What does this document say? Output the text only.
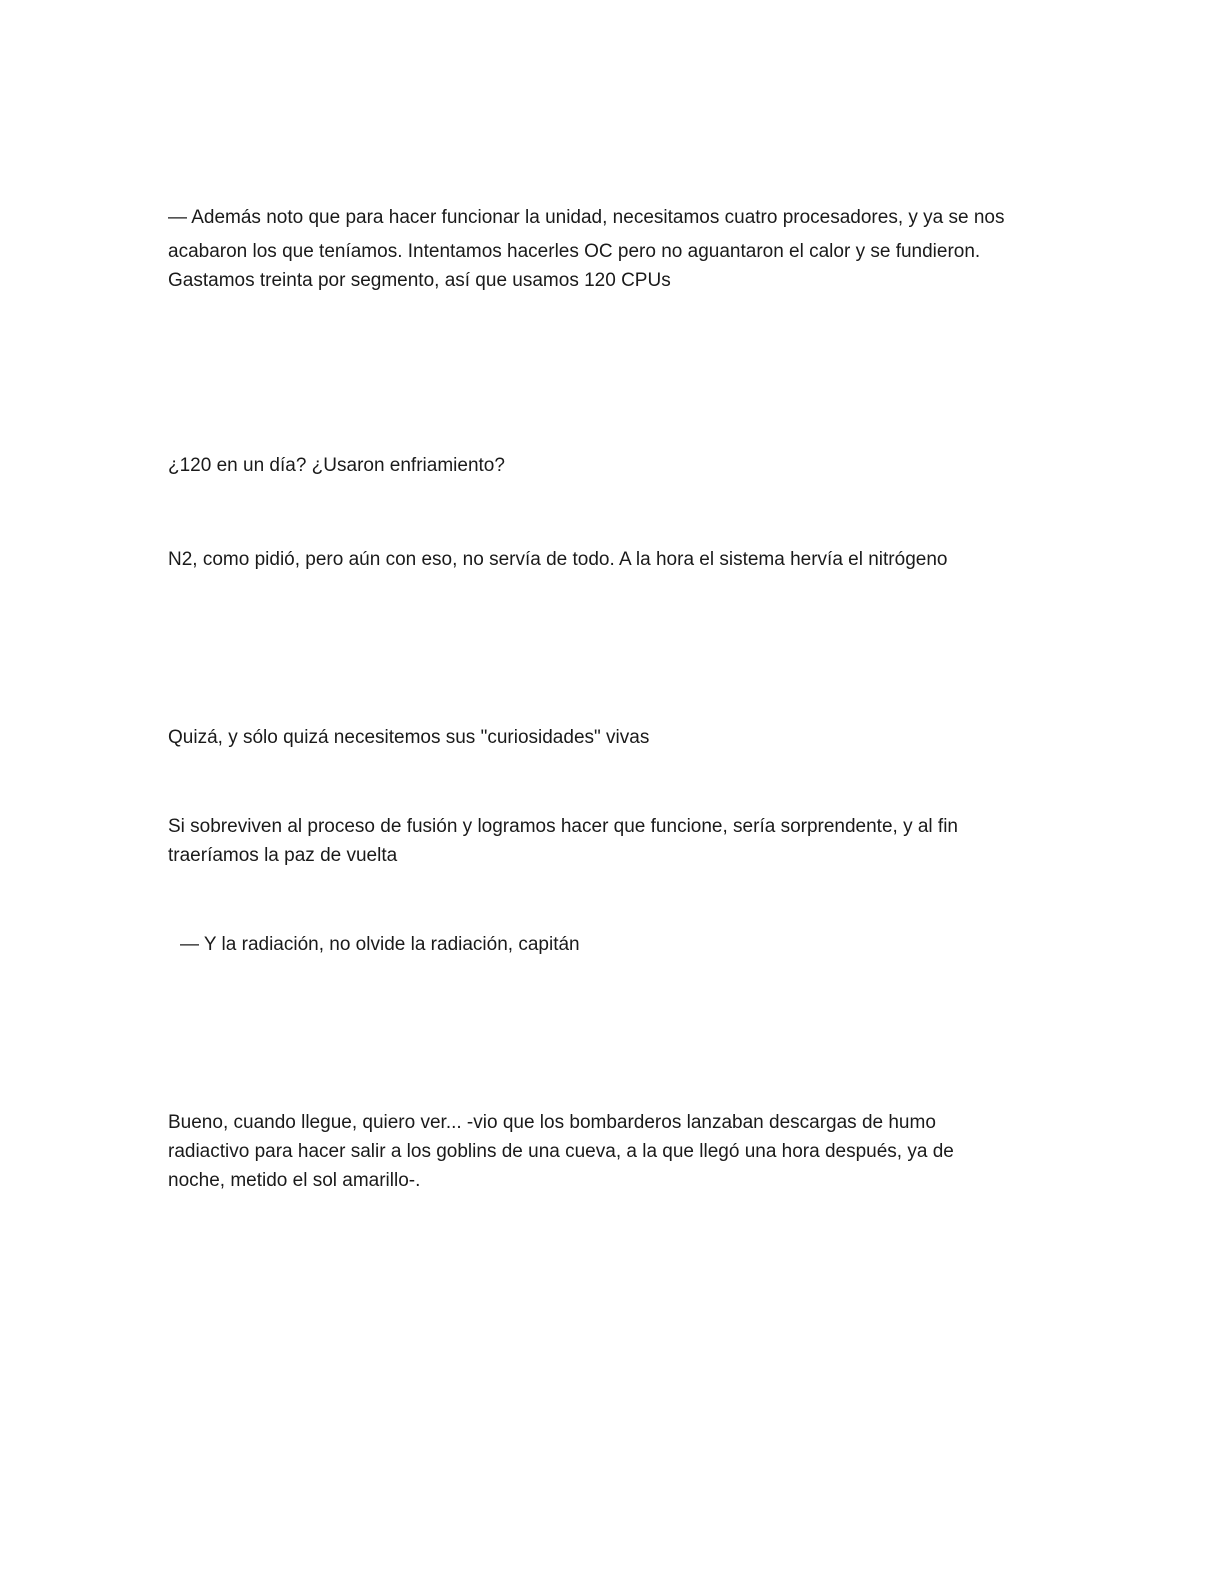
— Además noto que para hacer funcionar la unidad, necesitamos cuatro procesadores, y ya se nos
acabaron los que teníamos. Intentamos hacerles OC pero no aguantaron el calor y se fundieron.
Gastamos treinta por segmento, así que usamos 120 CPUs

¿120 en un día? ¿Usaron enfriamiento?

N2, como pidió, pero aún con eso, no servía de todo. A la hora el sistema hervía el nitrógeno

Quizá, y sólo quizá necesitemos sus "curiosidades" vivas

Si sobreviven al proceso de fusión y logramos hacer que funcione, sería sorprendente, y al fin
traeríamos la paz de vuelta

— Y la radiación, no olvide la radiación, capitán

Bueno, cuando llegue, quiero ver... -vio que los bombarderos lanzaban descargas de humo
radiactivo para hacer salir a los goblins de una cueva, a la que llegó una hora después, ya de
noche, metido el sol amarillo-.
